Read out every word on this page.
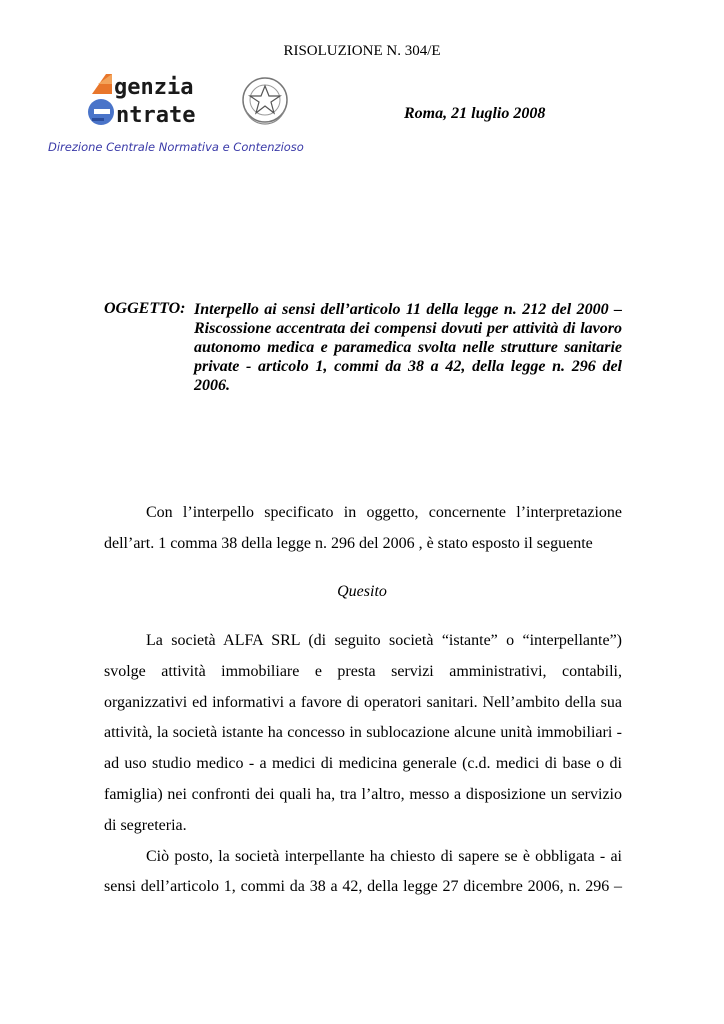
RISOLUZIONE N. 304/E
genzia
ntrate
Direzione Centrale Normativa e Contenzioso
Roma, 21 luglio 2008
OGGETTO: Interpello ai sensi dell’articolo 11 della legge n. 212 del 2000 –
Riscossione accentrata dei compensi dovuti per attività di lavoro
autonomo medica e paramedica svolta nelle strutture sanitarie
private - articolo 1, commi da 38 a 42, della legge n. 296 del
2006.
Con l’interpello specificato in oggetto, concernente l’interpretazione
dell’art. 1 comma 38 della legge n. 296 del 2006 , è stato esposto il seguente
Quesito
La società ALFA SRL (di seguito società “istante” o “interpellante”)
svolge attività immobiliare e presta servizi amministrativi, contabili,
organizzativi ed informativi a favore di operatori sanitari. Nell’ambito della sua
attività, la società istante ha concesso in sublocazione alcune unità immobiliari -
ad uso studio medico - a medici di medicina generale (c.d. medici di base o di
famiglia) nei confronti dei quali ha, tra l’altro, messo a disposizione un servizio
di segreteria.
Ciò posto, la società interpellante ha chiesto di sapere se è obbligata - ai
sensi dell’articolo 1, commi da 38 a 42, della legge 27 dicembre 2006, n. 296 –
